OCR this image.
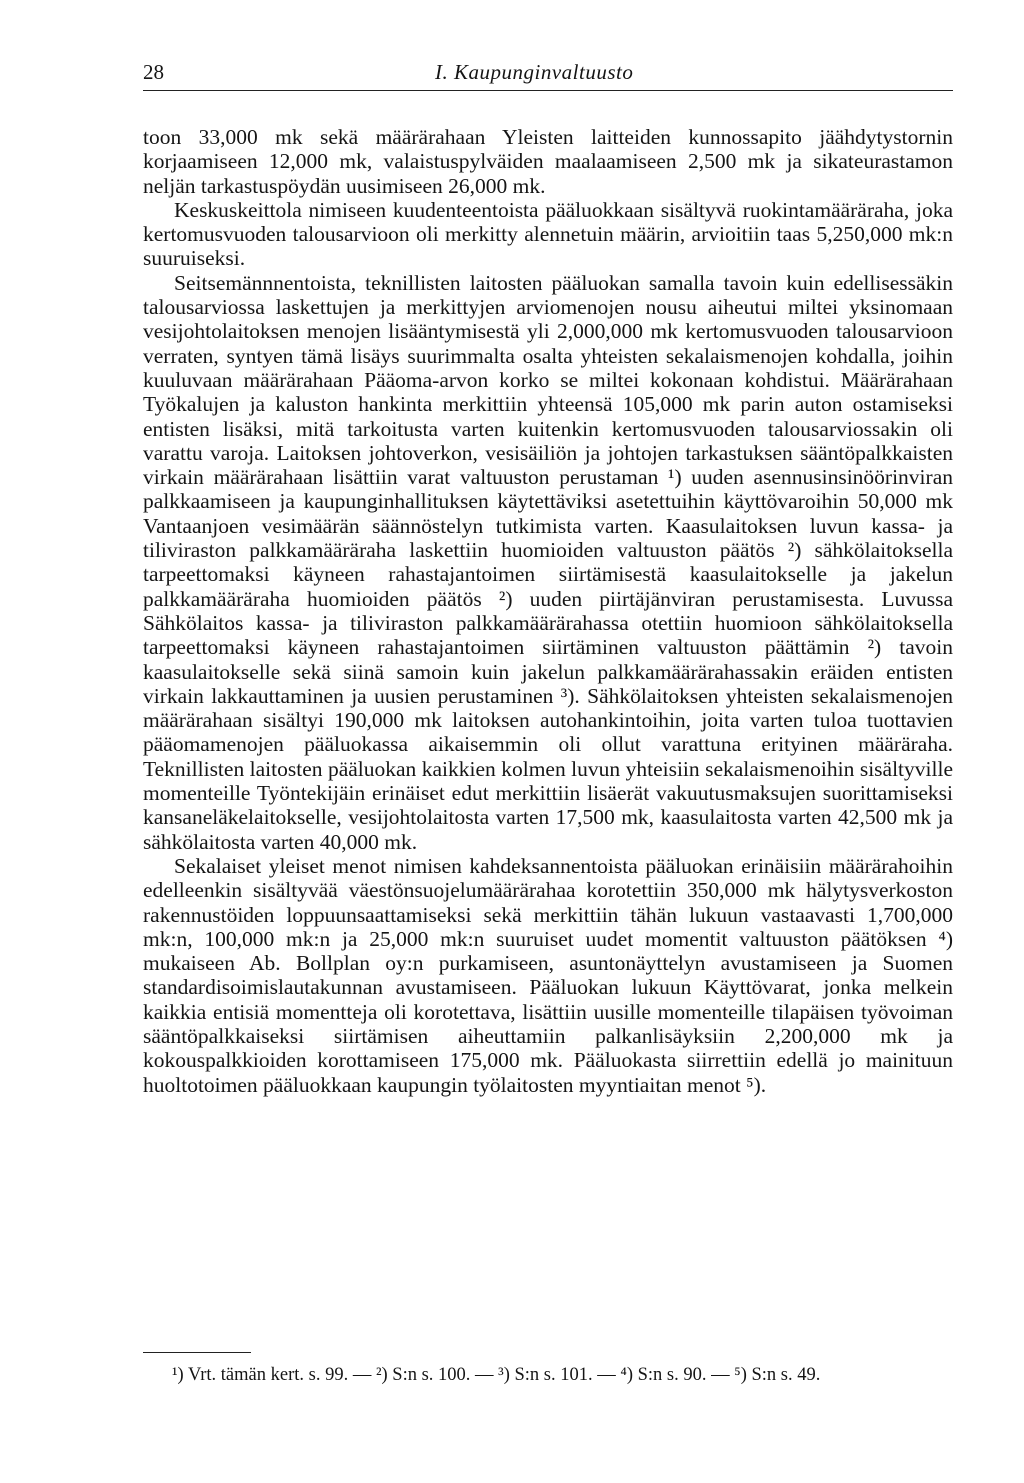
28	I. Kaupunginvaltuusto

toon 33,000 mk sekä määrärahaan Yleisten laitteiden kunnossapito jäähdytystornin korjaamiseen 12,000 mk, valaistuspylväiden maalaamiseen 2,500 mk ja sikateurastamon neljän tarkastuspöydän uusimiseen 26,000 mk.

Keskuskeittola nimiseen kuudenteentoista pääluokkaan sisältyvä ruokintamääräraha, joka kertomusvuoden talousarvioon oli merkitty alennetuin määrin, arvioitiin taas 5,250,000 mk:n suuruiseksi.

Seitsemännnentoista, teknillisten laitosten pääluokan samalla tavoin kuin edellisessäkin talousarviossa laskettujen ja merkittyjen arviomenojen nousu aiheutui miltei yksinomaan vesijohtolaitoksen menojen lisääntymisestä yli 2,000,000 mk kertomusvuoden talousarvioon verraten, syntyen tämä lisäys suurimmalta osalta yhteisten sekalaismenojen kohdalla, joihin kuuluvaan määrärahaan Pääoma-arvon korko se miltei kokonaan kohdistui. Määrärahaan Työkalujen ja kaluston hankinta merkittiin yhteensä 105,000 mk parin auton ostamiseksi entisten lisäksi, mitä tarkoitusta varten kuitenkin kertomusvuoden talousarviossakin oli varattu varoja. Laitoksen johtoverkon, vesisäiliön ja johtojen tarkastuksen sääntöpalkkaisten virkain määrärahaan lisättiin varat valtuuston perustaman ¹) uuden asennusinsinöörinviran palkkaamiseen ja kaupunginhallituksen käytettäviksi asetettuihin käyttövaroihin 50,000 mk Vantaanjoen vesimäärän säännöstelyn tutkimista varten. Kaasulaitoksen luvun kassa- ja tiliviraston palkkamääräraha laskettiin huomioiden valtuuston päätös ²) sähkölaitoksella tarpeettomaksi käyneen rahastajantoimen siirtämisestä kaasulaitokselle ja jakelun palkkamääräraha huomioiden päätös ²) uuden piirtäjänviran perustamisesta. Luvussa Sähkölaitos kassa- ja tiliviraston palkkamäärärahassa otettiin huomioon sähkölaitoksella tarpeettomaksi käyneen rahastajantoimen siirtäminen valtuuston päättämin ²) tavoin kaasulaitokselle sekä siinä samoin kuin jakelun palkkamäärärahassakin eräiden entisten virkain lakkauttaminen ja uusien perustaminen ³). Sähkölaitoksen yhteisten sekalaismenojen määrärahaan sisältyi 190,000 mk laitoksen autohankintoihin, joita varten tuloa tuottavien pääomamenojen pääluokassa aikaisemmin oli ollut varattuna erityinen määräraha. Teknillisten laitosten pääluokan kaikkien kolmen luvun yhteisiin sekalaismenoihin sisältyville momenteille Työntekijäin erinäiset edut merkittiin lisäerät vakuutusmaksujen suorittamiseksi kansaneläkelaitokselle, vesijohtolaitosta varten 17,500 mk, kaasulaitosta varten 42,500 mk ja sähkölaitosta varten 40,000 mk.

Sekalaiset yleiset menot nimisen kahdeksannentoista pääluokan erinäisiin määrärahoihin edelleenkin sisältyvää väestönsuojelumäärärahaa korotettiin 350,000 mk hälytysverkoston rakennustöiden loppuunsaattamiseksi sekä merkittiin tähän lukuun vastaavasti 1,700,000 mk:n, 100,000 mk:n ja 25,000 mk:n suuruiset uudet momentit valtuuston päätöksen ⁴) mukaiseen Ab. Bollplan oy:n purkamiseen, asuntonäyttelyn avustamiseen ja Suomen standardisoimislautakunnan avustamiseen. Pääluokan lukuun Käyttövarat, jonka melkein kaikkia entisiä momentteja oli korotettava, lisättiin uusille momenteille tilapäisen työvoiman sääntöpalkkaiseksi siirtämisen aiheuttamiin palkanlisäyksiin 2,200,000 mk ja kokouspalkkioiden korottamiseen 175,000 mk. Pääluokasta siirrettiin edellä jo mainituun huoltotoimen pääluokkaan kaupungin työlaitosten myyntiaitan menot ⁵).

¹) Vrt. tämän kert. s. 99. — ²) S:n s. 100. — ³) S:n s. 101. — ⁴) S:n s. 90. — ⁵) S:n s. 49.
